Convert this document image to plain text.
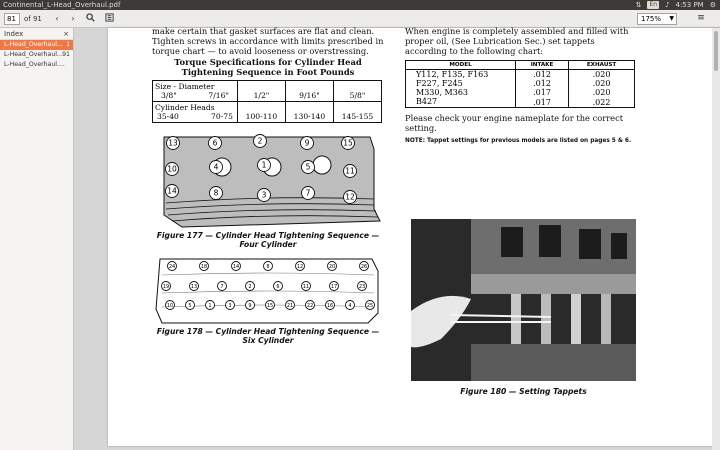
Continental_L-Head_Overhaul.pdf	⇅	En ♪ 4:53 PM ⚙
81	of 91	‹	›	175% ▼	≡
Index	×
L-Head_Overhaul... 1
L-Head_Overhaul... 91
L-Head_Overhaul....

make certain that gasket surfaces are flat and clean. Tighten screws in accordance with limits prescribed in torque chart — to avoid looseness or overstressing.

Torque Specifications for Cylinder Head
Tightening Sequence in Foot Pounds
Size - Diameter
3/8" 7/16"	1/2"	9/16"	5/8"

Cylinder Heads
35-40 70-75	100-110	130-140	145-155
13	6	2	9	15
10	4	1	5	11
14	8	3	7	12
Figure 177 — Cylinder Head Tightening Sequence —
Four Cylinder
24	18	14	8	12	20	26
19	13	7	2	6	11	17	23
10	5	1	3	9	15	21	22	16	4	25
Figure 178 — Cylinder Head Tightening Sequence —
Six Cylinder

When engine is completely assembled and filled with proper oil, (See Lubrication Sec.) set tappets according to the following chart:

MODEL	INTAKE	EXHAUST
Y112, F135, F163	.012	.020
F227, F245	.012	.020
M330, M363	.017	.020
B427	.017	.022

Please check your engine nameplate for the correct setting.

NOTE: Tappet settings for previous models are listed on pages 5 & 6.

Figure 180 — Setting Tappets
